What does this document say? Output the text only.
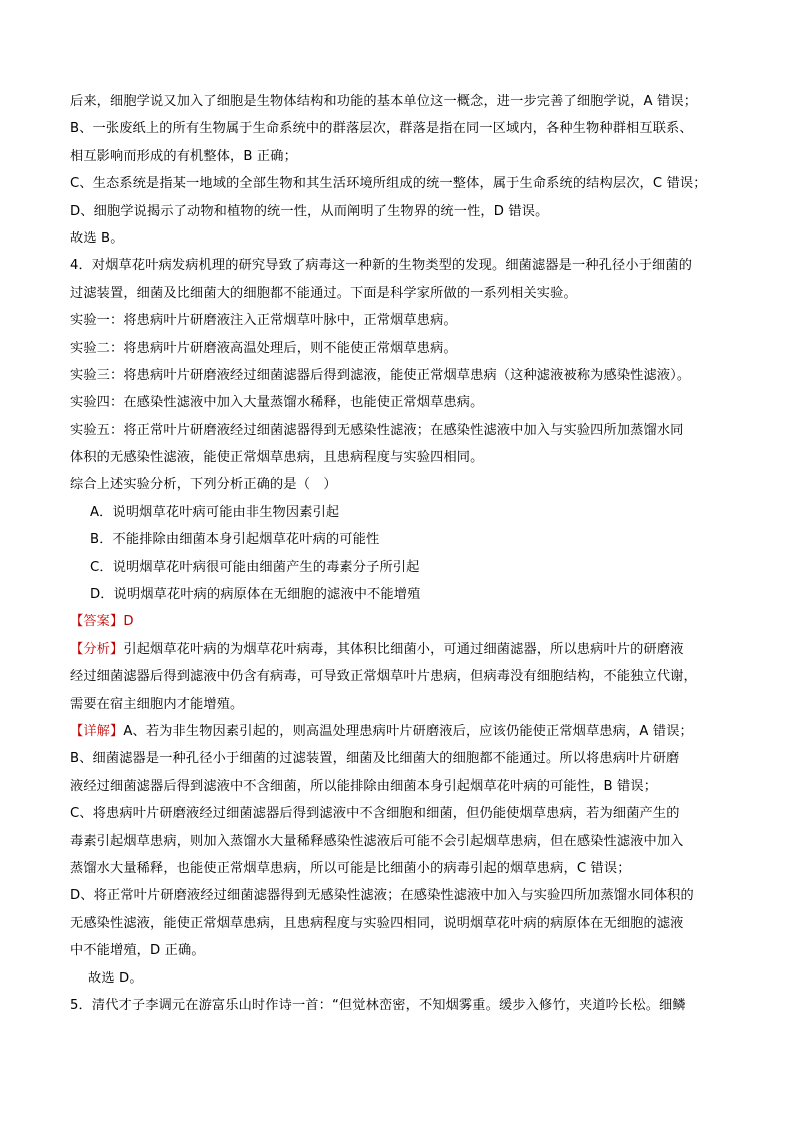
后来，细胞学说又加入了细胞是生物体结构和功能的基本单位这一概念，进一步完善了细胞学说，A 错误；
B、一张废纸上的所有生物属于生命系统中的群落层次，群落是指在同一区域内，各种生物种群相互联系、
相互影响而形成的有机整体，B 正确；
C、生态系统是指某一地域的全部生物和其生活环境所组成的统一整体，属于生命系统的结构层次，C 错误；
D、细胞学说揭示了动物和植物的统一性，从而阐明了生物界的统一性，D 错误。
故选 B。
4．对烟草花叶病发病机理的研究导致了病毒这一种新的生物类型的发现。细菌滤器是一种孔径小于细菌的
过滤装置，细菌及比细菌大的细胞都不能通过。下面是科学家所做的一系列相关实验。
实验一：将患病叶片研磨液注入正常烟草叶脉中，正常烟草患病。
实验二：将患病叶片研磨液高温处理后，则不能使正常烟草患病。
实验三：将患病叶片研磨液经过细菌滤器后得到滤液，能使正常烟草患病（这种滤液被称为感染性滤液）。
实验四：在感染性滤液中加入大量蒸馏水稀释，也能使正常烟草患病。
实验五：将正常叶片研磨液经过细菌滤器得到无感染性滤液；在感染性滤液中加入与实验四所加蒸馏水同
体积的无感染性滤液，能使正常烟草患病，且患病程度与实验四相同。
综合上述实验分析，下列分析正确的是（　）
A．说明烟草花叶病可能由非生物因素引起
B．不能排除由细菌本身引起烟草花叶病的可能性
C．说明烟草花叶病很可能由细菌产生的毒素分子所引起
D．说明烟草花叶病的病原体在无细胞的滤液中不能增殖
【答案】D
【分析】引起烟草花叶病的为烟草花叶病毒，其体积比细菌小，可通过细菌滤器，所以患病叶片的研磨液
经过细菌滤器后得到滤液中仍含有病毒，可导致正常烟草叶片患病，但病毒没有细胞结构，不能独立代谢，
需要在宿主细胞内才能增殖。
【详解】A、若为非生物因素引起的，则高温处理患病叶片研磨液后，应该仍能使正常烟草患病，A 错误；
B、细菌滤器是一种孔径小于细菌的过滤装置，细菌及比细菌大的细胞都不能通过。所以将患病叶片研磨
液经过细菌滤器后得到滤液中不含细菌，所以能排除由细菌本身引起烟草花叶病的可能性，B 错误；
C、将患病叶片研磨液经过细菌滤器后得到滤液中不含细胞和细菌，但仍能使烟草患病，若为细菌产生的
毒素引起烟草患病，则加入蒸馏水大量稀释感染性滤液后可能不会引起烟草患病，但在感染性滤液中加入
蒸馏水大量稀释，也能使正常烟草患病，所以可能是比细菌小的病毒引起的烟草患病，C 错误；
D、将正常叶片研磨液经过细菌滤器得到无感染性滤液；在感染性滤液中加入与实验四所加蒸馏水同体积的
无感染性滤液，能使正常烟草患病，且患病程度与实验四相同，说明烟草花叶病的病原体在无细胞的滤液
中不能增殖，D 正确。
故选 D。
5．清代才子李调元在游富乐山时作诗一首：“但觉林峦密，不知烟雾重。缓步入修竹，夹道吟长松。细鳞
